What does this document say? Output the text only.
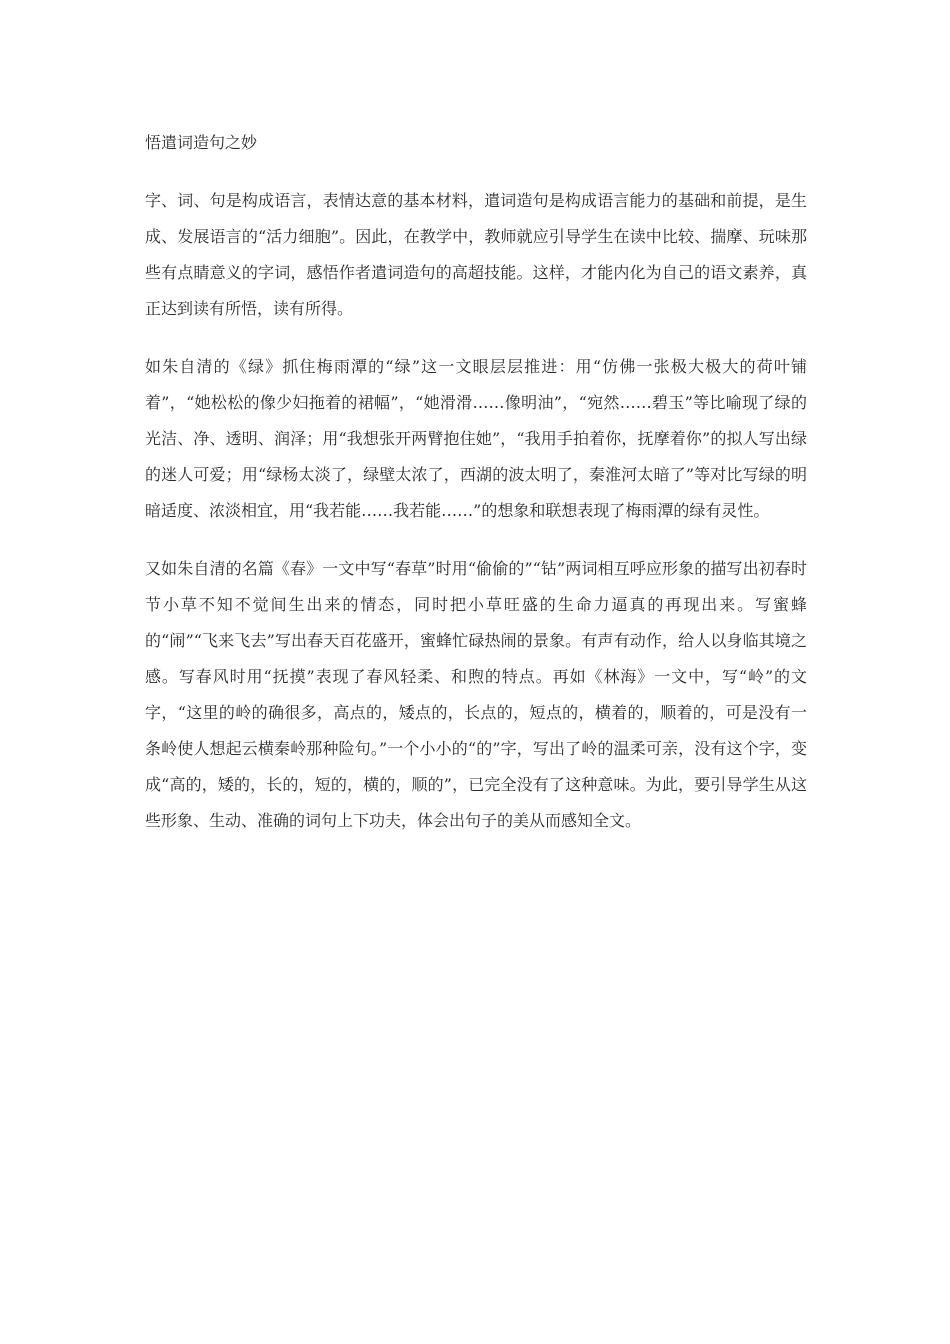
悟遣词造句之妙

字、词、句是构成语言，表情达意的基本材料，遣词造句是构成语言能力的基础和前提，是生成、发展语言的“活力细胞”。因此，在教学中，教师就应引导学生在读中比较、揣摩、玩味那些有点睛意义的字词，感悟作者遣词造句的高超技能。这样，才能内化为自己的语文素养，真正达到读有所悟，读有所得。

如朱自清的《绿》抓住梅雨潭的“绿”这一文眼层层推进：用“仿佛一张极大极大的荷叶铺着”，“她松松的像少妇拖着的裙幅”，“她滑滑……像明油”，“宛然……碧玉”等比喻现了绿的光洁、净、透明、润泽；用“我想张开两臂抱住她”，“我用手拍着你，抚摩着你”的拟人写出绿的迷人可爱；用“绿杨太淡了，绿壁太浓了，西湖的波太明了，秦淮河太暗了”等对比写绿的明暗适度、浓淡相宜，用“我若能……我若能……”的想象和联想表现了梅雨潭的绿有灵性。

又如朱自清的名篇《春》一文中写“春草”时用“偷偷的”“钻”两词相互呼应形象的描写出初春时节小草不知不觉间生出来的情态，同时把小草旺盛的生命力逼真的再现出来。写蜜蜂的“闹”“飞来飞去”写出春天百花盛开，蜜蜂忙碌热闹的景象。有声有动作，给人以身临其境之感。写春风时用“抚摸”表现了春风轻柔、和煦的特点。再如《林海》一文中，写“岭”的文字，“这里的岭的确很多，高点的，矮点的，长点的，短点的，横着的，顺着的，可是没有一条岭使人想起云横秦岭那种险句。”一个小小的“的”字，写出了岭的温柔可亲，没有这个字，变成“高的，矮的，长的，短的，横的，顺的”，已完全没有了这种意味。为此，要引导学生从这些形象、生动、准确的词句上下功夫，体会出句子的美从而感知全文。
